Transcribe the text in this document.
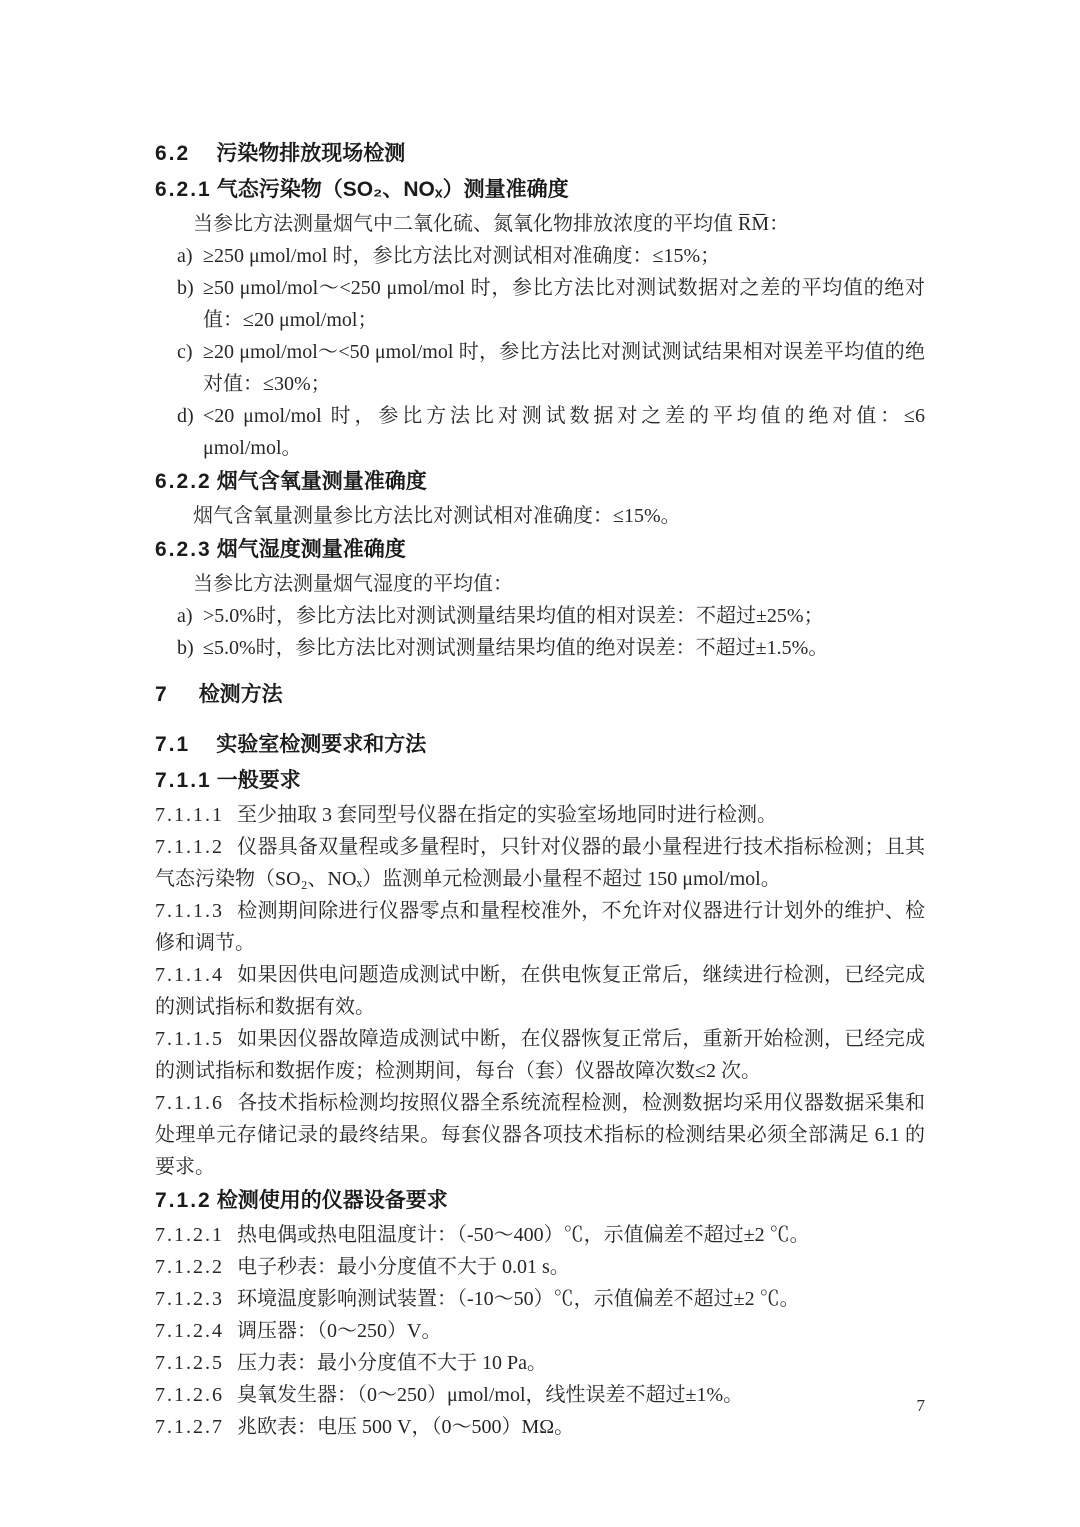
6.2 污染物排放现场检测
6.2.1 气态污染物（SO₂、NOₓ）测量准确度

当参比方法测量烟气中二氧化硫、氮氧化物排放浓度的平均值 R̅M̅：

a) ≥250 μmol/mol 时，参比方法比对测试相对准确度：≤15%；
b) ≥50 μmol/mol～<250 μmol/mol 时，参比方法比对测试数据对之差的平均值的绝对值：≤20 μmol/mol；
c) ≥20 μmol/mol～<50 μmol/mol 时，参比方法比对测试测试结果相对误差平均值的绝对值：≤30%；
d) <20 μmol/mol 时，参比方法比对测试数据对之差的平均值的绝对值：≤6 μmol/mol。
6.2.2 烟气含氧量测量准确度

烟气含氧量测量参比方法比对测试相对准确度：≤15%。

6.2.3 烟气湿度测量准确度

当参比方法测量烟气湿度的平均值：

a) >5.0%时，参比方法比对测试测量结果均值的相对误差：不超过±25%；
b) ≤5.0%时，参比方法比对测试测量结果均值的绝对误差：不超过±1.5%。
7 检测方法
7.1 实验室检测要求和方法
7.1.1 一般要求

7.1.1.1 至少抽取 3 套同型号仪器在指定的实验室场地同时进行检测。

7.1.1.2 仪器具备双量程或多量程时，只针对仪器的最小量程进行技术指标检测；且其气态污染物（SO₂、NOₓ）监测单元检测最小量程不超过 150 μmol/mol。

7.1.1.3 检测期间除进行仪器零点和量程校准外，不允许对仪器进行计划外的维护、检修和调节。

7.1.1.4 如果因供电问题造成测试中断，在供电恢复正常后，继续进行检测，已经完成的测试指标和数据有效。

7.1.1.5 如果因仪器故障造成测试中断，在仪器恢复正常后，重新开始检测，已经完成的测试指标和数据作废；检测期间，每台（套）仪器故障次数≤2 次。

7.1.1.6 各技术指标检测均按照仪器全系统流程检测，检测数据均采用仪器数据采集和处理单元存储记录的最终结果。每套仪器各项技术指标的检测结果必须全部满足 6.1 的要求。

7.1.2 检测使用的仪器设备要求

7.1.2.1 热电偶或热电阻温度计：（-50～400）℃，示值偏差不超过±2 ℃。

7.1.2.2 电子秒表：最小分度值不大于 0.01 s。

7.1.2.3 环境温度影响测试装置：（-10～50）℃，示值偏差不超过±2 ℃。

7.1.2.4 调压器：（0～250）V。

7.1.2.5 压力表：最小分度值不大于 10 Pa。

7.1.2.6 臭氧发生器：（0～250）μmol/mol，线性误差不超过±1%。

7.1.2.7 兆欧表：电压 500 V，（0～500）MΩ。

7
